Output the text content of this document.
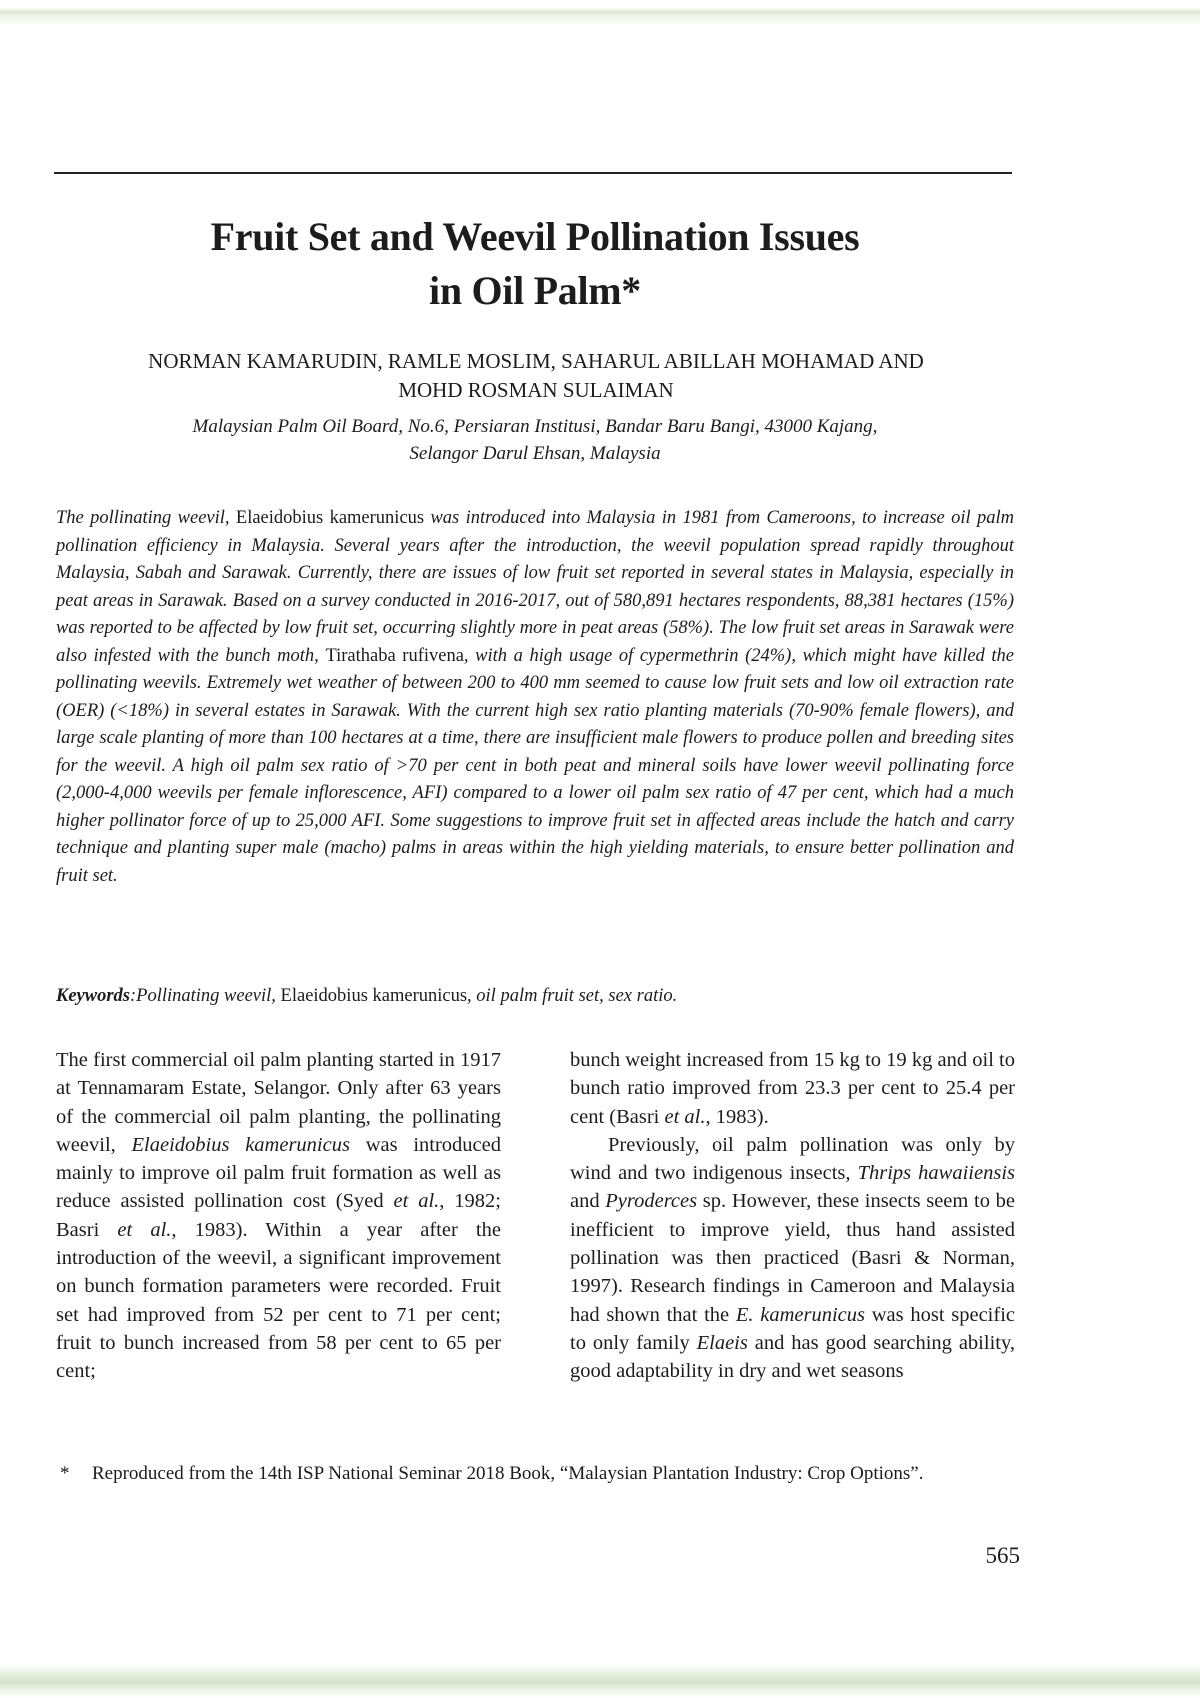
Fruit Set and Weevil Pollination Issues
in Oil Palm*
NORMAN KAMARUDIN, RAMLE MOSLIM, SAHARUL ABILLAH MOHAMAD AND
MOHD ROSMAN SULAIMAN
Malaysian Palm Oil Board, No.6, Persiaran Institusi, Bandar Baru Bangi, 43000 Kajang,
Selangor Darul Ehsan, Malaysia
The pollinating weevil, Elaeidobius kamerunicus was introduced into Malaysia in 1981 from Cameroons, to increase oil palm pollination efficiency in Malaysia. Several years after the introduction, the weevil population spread rapidly throughout Malaysia, Sabah and Sarawak. Currently, there are issues of low fruit set reported in several states in Malaysia, especially in peat areas in Sarawak. Based on a survey conducted in 2016-2017, out of 580,891 hectares respondents, 88,381 hectares (15%) was reported to be affected by low fruit set, occurring slightly more in peat areas (58%). The low fruit set areas in Sarawak were also infested with the bunch moth, Tirathaba rufivena, with a high usage of cypermethrin (24%), which might have killed the pollinating weevils. Extremely wet weather of between 200 to 400 mm seemed to cause low fruit sets and low oil extraction rate (OER) (<18%) in several estates in Sarawak. With the current high sex ratio planting materials (70-90% female flowers), and large scale planting of more than 100 hectares at a time, there are insufficient male flowers to produce pollen and breeding sites for the weevil. A high oil palm sex ratio of >70 per cent in both peat and mineral soils have lower weevil pollinating force (2,000-4,000 weevils per female inflorescence, AFI) compared to a lower oil palm sex ratio of 47 per cent, which had a much higher pollinator force of up to 25,000 AFI. Some suggestions to improve fruit set in affected areas include the hatch and carry technique and planting super male (macho) palms in areas within the high yielding materials, to ensure better pollination and fruit set.
Keywords:Pollinating weevil, Elaeidobius kamerunicus, oil palm fruit set, sex ratio.

The first commercial oil palm planting started in 1917 at Tennamaram Estate, Selangor. Only after 63 years of the commercial oil palm planting, the pollinating weevil, Elaeidobius kamerunicus was introduced mainly to improve oil palm fruit formation as well as reduce assisted pollination cost (Syed et al., 1982; Basri et al., 1983). Within a year after the introduction of the weevil, a significant improvement on bunch formation parameters were recorded. Fruit set had improved from 52 per cent to 71 per cent; fruit to bunch increased from 58 per cent to 65 per cent;

bunch weight increased from 15 kg to 19 kg and oil to bunch ratio improved from 23.3 per cent to 25.4 per cent (Basri et al., 1983).

Previously, oil palm pollination was only by wind and two indigenous insects, Thrips hawaiiensis and Pyroderces sp. However, these insects seem to be inefficient to improve yield, thus hand assisted pollination was then practiced (Basri & Norman, 1997). Research findings in Cameroon and Malaysia had shown that the E. kamerunicus was host specific to only family Elaeis and has good searching ability, good adaptability in dry and wet seasons

* Reproduced from the 14th ISP National Seminar 2018 Book, “Malaysian Plantation Industry: Crop Options”.
565
